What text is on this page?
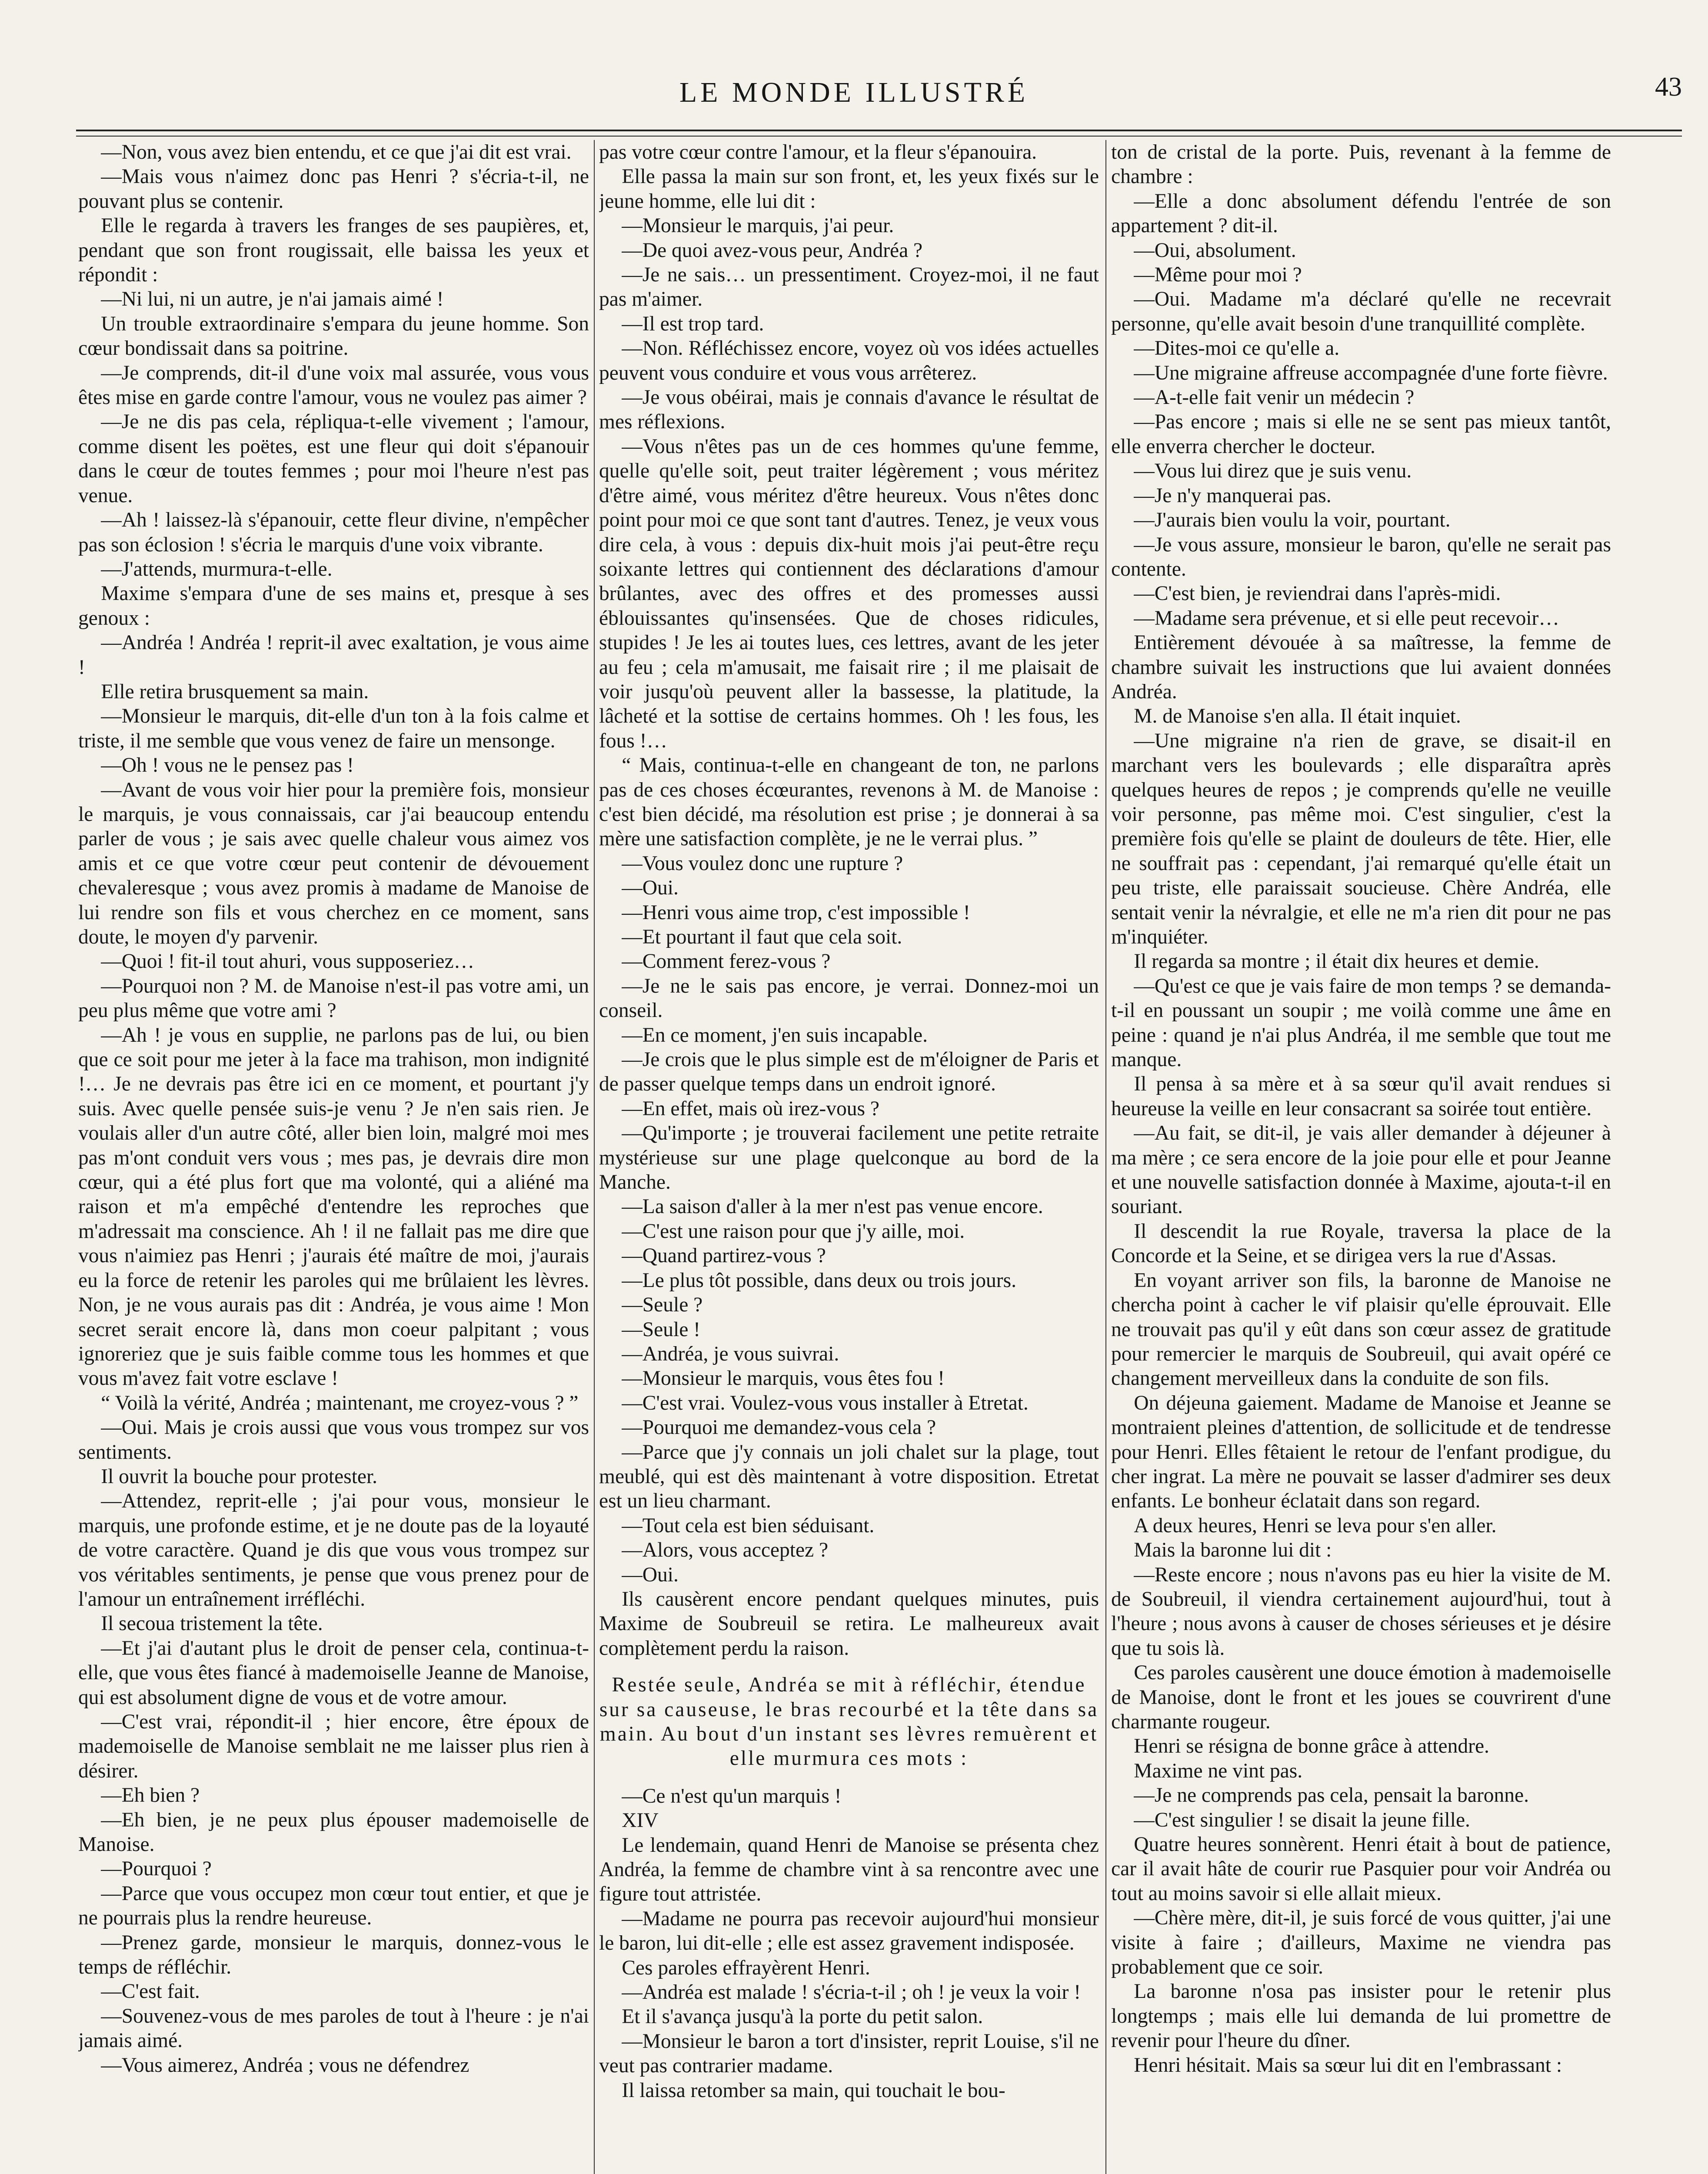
LE MONDE ILLUSTRÉ	43

—Non, vous avez bien entendu, et ce que j'ai dit est vrai.

—Mais vous n'aimez donc pas Henri ? s'écria-t-il, ne pouvant plus se contenir.

Elle le regarda à travers les franges de ses paupières, et, pendant que son front rougissait, elle baissa les yeux et répondit :

—Ni lui, ni un autre, je n'ai jamais aimé !

Un trouble extraordinaire s'empara du jeune homme. Son cœur bondissait dans sa poitrine.

—Je comprends, dit-il d'une voix mal assurée, vous vous êtes mise en garde contre l'amour, vous ne voulez pas aimer ?

—Je ne dis pas cela, répliqua-t-elle vivement ; l'amour, comme disent les poëtes, est une fleur qui doit s'épanouir dans le cœur de toutes femmes ; pour moi l'heure n'est pas venue.

—Ah ! laissez-là s'épanouir, cette fleur divine, n'empêcher pas son éclosion ! s'écria le marquis d'une voix vibrante.

—J'attends, murmura-t-elle.

Maxime s'empara d'une de ses mains et, presque à ses genoux :

—Andréa ! Andréa ! reprit-il avec exaltation, je vous aime !

Elle retira brusquement sa main.

—Monsieur le marquis, dit-elle d'un ton à la fois calme et triste, il me semble que vous venez de faire un mensonge.

—Oh ! vous ne le pensez pas !

—Avant de vous voir hier pour la première fois, monsieur le marquis, je vous connaissais, car j'ai beaucoup entendu parler de vous ; je sais avec quelle chaleur vous aimez vos amis et ce que votre cœur peut contenir de dévouement chevaleresque ; vous avez promis à madame de Manoise de lui rendre son fils et vous cherchez en ce moment, sans doute, le moyen d'y parvenir.

—Quoi ! fit-il tout ahuri, vous supposeriez…

—Pourquoi non ? M. de Manoise n'est-il pas votre ami, un peu plus même que votre ami ?

—Ah ! je vous en supplie, ne parlons pas de lui, ou bien que ce soit pour me jeter à la face ma trahison, mon indignité !… Je ne devrais pas être ici en ce moment, et pourtant j'y suis. Avec quelle pensée suis-je venu ? Je n'en sais rien. Je voulais aller d'un autre côté, aller bien loin, malgré moi mes pas m'ont conduit vers vous ; mes pas, je devrais dire mon cœur, qui a été plus fort que ma volonté, qui a aliéné ma raison et m'a empêché d'entendre les reproches que m'adressait ma conscience. Ah ! il ne fallait pas me dire que vous n'aimiez pas Henri ; j'aurais été maître de moi, j'aurais eu la force de retenir les paroles qui me brûlaient les lèvres. Non, je ne vous aurais pas dit : Andréa, je vous aime ! Mon secret serait encore là, dans mon coeur palpitant ; vous ignoreriez que je suis faible comme tous les hommes et que vous m'avez fait votre esclave !

“ Voilà la vérité, Andréa ; maintenant, me croyez-vous ? ”

—Oui. Mais je crois aussi que vous vous trompez sur vos sentiments.

Il ouvrit la bouche pour protester.

—Attendez, reprit-elle ; j'ai pour vous, monsieur le marquis, une profonde estime, et je ne doute pas de la loyauté de votre caractère. Quand je dis que vous vous trompez sur vos véritables sentiments, je pense que vous prenez pour de l'amour un entraînement irréfléchi.

Il secoua tristement la tête.

—Et j'ai d'autant plus le droit de penser cela, continua-t-elle, que vous êtes fiancé à mademoiselle Jeanne de Manoise, qui est absolument digne de vous et de votre amour.

—C'est vrai, répondit-il ; hier encore, être époux de mademoiselle de Manoise semblait ne me laisser plus rien à désirer.

—Eh bien ?

—Eh bien, je ne peux plus épouser mademoiselle de Manoise.

—Pourquoi ?

—Parce que vous occupez mon cœur tout entier, et que je ne pourrais plus la rendre heureuse.

—Prenez garde, monsieur le marquis, donnez-vous le temps de réfléchir.

—C'est fait.

—Souvenez-vous de mes paroles de tout à l'heure : je n'ai jamais aimé.

—Vous aimerez, Andréa ; vous ne défendrez

pas votre cœur contre l'amour, et la fleur s'épanouira.

Elle passa la main sur son front, et, les yeux fixés sur le jeune homme, elle lui dit :

—Monsieur le marquis, j'ai peur.

—De quoi avez-vous peur, Andréa ?

—Je ne sais… un pressentiment. Croyez-moi, il ne faut pas m'aimer.

—Il est trop tard.

—Non. Réfléchissez encore, voyez où vos idées actuelles peuvent vous conduire et vous vous arrêterez.

—Je vous obéirai, mais je connais d'avance le résultat de mes réflexions.

—Vous n'êtes pas un de ces hommes qu'une femme, quelle qu'elle soit, peut traiter légèrement ; vous méritez d'être aimé, vous méritez d'être heureux. Vous n'êtes donc point pour moi ce que sont tant d'autres. Tenez, je veux vous dire cela, à vous : depuis dix-huit mois j'ai peut-être reçu soixante lettres qui contiennent des déclarations d'amour brûlantes, avec des offres et des promesses aussi éblouissantes qu'insensées. Que de choses ridicules, stupides ! Je les ai toutes lues, ces lettres, avant de les jeter au feu ; cela m'amusait, me faisait rire ; il me plaisait de voir jusqu'où peuvent aller la bassesse, la platitude, la lâcheté et la sottise de certains hommes. Oh ! les fous, les fous !…

“ Mais, continua-t-elle en changeant de ton, ne parlons pas de ces choses écœurantes, revenons à M. de Manoise : c'est bien décidé, ma résolution est prise ; je donnerai à sa mère une satisfaction complète, je ne le verrai plus. ”

—Vous voulez donc une rupture ?

—Oui.

—Henri vous aime trop, c'est impossible !

—Et pourtant il faut que cela soit.

—Comment ferez-vous ?

—Je ne le sais pas encore, je verrai. Donnez-moi un conseil.

—En ce moment, j'en suis incapable.

—Je crois que le plus simple est de m'éloigner de Paris et de passer quelque temps dans un endroit ignoré.

—En effet, mais où irez-vous ?

—Qu'importe ; je trouverai facilement une petite retraite mystérieuse sur une plage quelconque au bord de la Manche.

—La saison d'aller à la mer n'est pas venue encore.

—C'est une raison pour que j'y aille, moi.

—Quand partirez-vous ?

—Le plus tôt possible, dans deux ou trois jours.

—Seule ?

—Seule !

—Andréa, je vous suivrai.

—Monsieur le marquis, vous êtes fou !

—C'est vrai. Voulez-vous vous installer à Etretat.

—Pourquoi me demandez-vous cela ?

—Parce que j'y connais un joli chalet sur la plage, tout meublé, qui est dès maintenant à votre disposition. Etretat est un lieu charmant.

—Tout cela est bien séduisant.

—Alors, vous acceptez ?

—Oui.

Ils causèrent encore pendant quelques minutes, puis Maxime de Soubreuil se retira. Le malheureux avait complètement perdu la raison.

Restée seule, Andréa se mit à réfléchir, étendue sur sa causeuse, le bras recourbé et la tête dans sa main. Au bout d'un instant ses lèvres remuèrent et elle murmura ces mots :

—Ce n'est qu'un marquis !

XIV

Le lendemain, quand Henri de Manoise se présenta chez Andréa, la femme de chambre vint à sa rencontre avec une figure tout attristée.

—Madame ne pourra pas recevoir aujourd'hui monsieur le baron, lui dit-elle ; elle est assez gravement indisposée.

Ces paroles effrayèrent Henri.

—Andréa est malade ! s'écria-t-il ; oh ! je veux la voir !

Et il s'avança jusqu'à la porte du petit salon.

—Monsieur le baron a tort d'insister, reprit Louise, s'il ne veut pas contrarier madame.

Il laissa retomber sa main, qui touchait le bou-

ton de cristal de la porte. Puis, revenant à la femme de chambre :

—Elle a donc absolument défendu l'entrée de son appartement ? dit-il.

—Oui, absolument.

—Même pour moi ?

—Oui. Madame m'a déclaré qu'elle ne recevrait personne, qu'elle avait besoin d'une tranquillité complète.

—Dites-moi ce qu'elle a.

—Une migraine affreuse accompagnée d'une forte fièvre.

—A-t-elle fait venir un médecin ?

—Pas encore ; mais si elle ne se sent pas mieux tantôt, elle enverra chercher le docteur.

—Vous lui direz que je suis venu.

—Je n'y manquerai pas.

—J'aurais bien voulu la voir, pourtant.

—Je vous assure, monsieur le baron, qu'elle ne serait pas contente.

—C'est bien, je reviendrai dans l'après-midi.

—Madame sera prévenue, et si elle peut recevoir…

Entièrement dévouée à sa maîtresse, la femme de chambre suivait les instructions que lui avaient données Andréa.

M. de Manoise s'en alla. Il était inquiet.

—Une migraine n'a rien de grave, se disait-il en marchant vers les boulevards ; elle disparaîtra après quelques heures de repos ; je comprends qu'elle ne veuille voir personne, pas même moi. C'est singulier, c'est la première fois qu'elle se plaint de douleurs de tête. Hier, elle ne souffrait pas : cependant, j'ai remarqué qu'elle était un peu triste, elle paraissait soucieuse. Chère Andréa, elle sentait venir la névralgie, et elle ne m'a rien dit pour ne pas m'inquiéter.

Il regarda sa montre ; il était dix heures et demie.

—Qu'est ce que je vais faire de mon temps ? se demanda-t-il en poussant un soupir ; me voilà comme une âme en peine : quand je n'ai plus Andréa, il me semble que tout me manque.

Il pensa à sa mère et à sa sœur qu'il avait rendues si heureuse la veille en leur consacrant sa soirée tout entière.

—Au fait, se dit-il, je vais aller demander à déjeuner à ma mère ; ce sera encore de la joie pour elle et pour Jeanne et une nouvelle satisfaction donnée à Maxime, ajouta-t-il en souriant.

Il descendit la rue Royale, traversa la place de la Concorde et la Seine, et se dirigea vers la rue d'Assas.

En voyant arriver son fils, la baronne de Manoise ne chercha point à cacher le vif plaisir qu'elle éprouvait. Elle ne trouvait pas qu'il y eût dans son cœur assez de gratitude pour remercier le marquis de Soubreuil, qui avait opéré ce changement merveilleux dans la conduite de son fils.

On déjeuna gaiement. Madame de Manoise et Jeanne se montraient pleines d'attention, de sollicitude et de tendresse pour Henri. Elles fêtaient le retour de l'enfant prodigue, du cher ingrat. La mère ne pouvait se lasser d'admirer ses deux enfants. Le bonheur éclatait dans son regard.

A deux heures, Henri se leva pour s'en aller.

Mais la baronne lui dit :

—Reste encore ; nous n'avons pas eu hier la visite de M. de Soubreuil, il viendra certainement aujourd'hui, tout à l'heure ; nous avons à causer de choses sérieuses et je désire que tu sois là.

Ces paroles causèrent une douce émotion à mademoiselle de Manoise, dont le front et les joues se couvrirent d'une charmante rougeur.

Henri se résigna de bonne grâce à attendre.

Maxime ne vint pas.

—Je ne comprends pas cela, pensait la baronne.

—C'est singulier ! se disait la jeune fille.

Quatre heures sonnèrent. Henri était à bout de patience, car il avait hâte de courir rue Pasquier pour voir Andréa ou tout au moins savoir si elle allait mieux.

—Chère mère, dit-il, je suis forcé de vous quitter, j'ai une visite à faire ; d'ailleurs, Maxime ne viendra pas probablement que ce soir.

La baronne n'osa pas insister pour le retenir plus longtemps ; mais elle lui demanda de lui promettre de revenir pour l'heure du dîner.

Henri hésitait. Mais sa sœur lui dit en l'embrassant :
